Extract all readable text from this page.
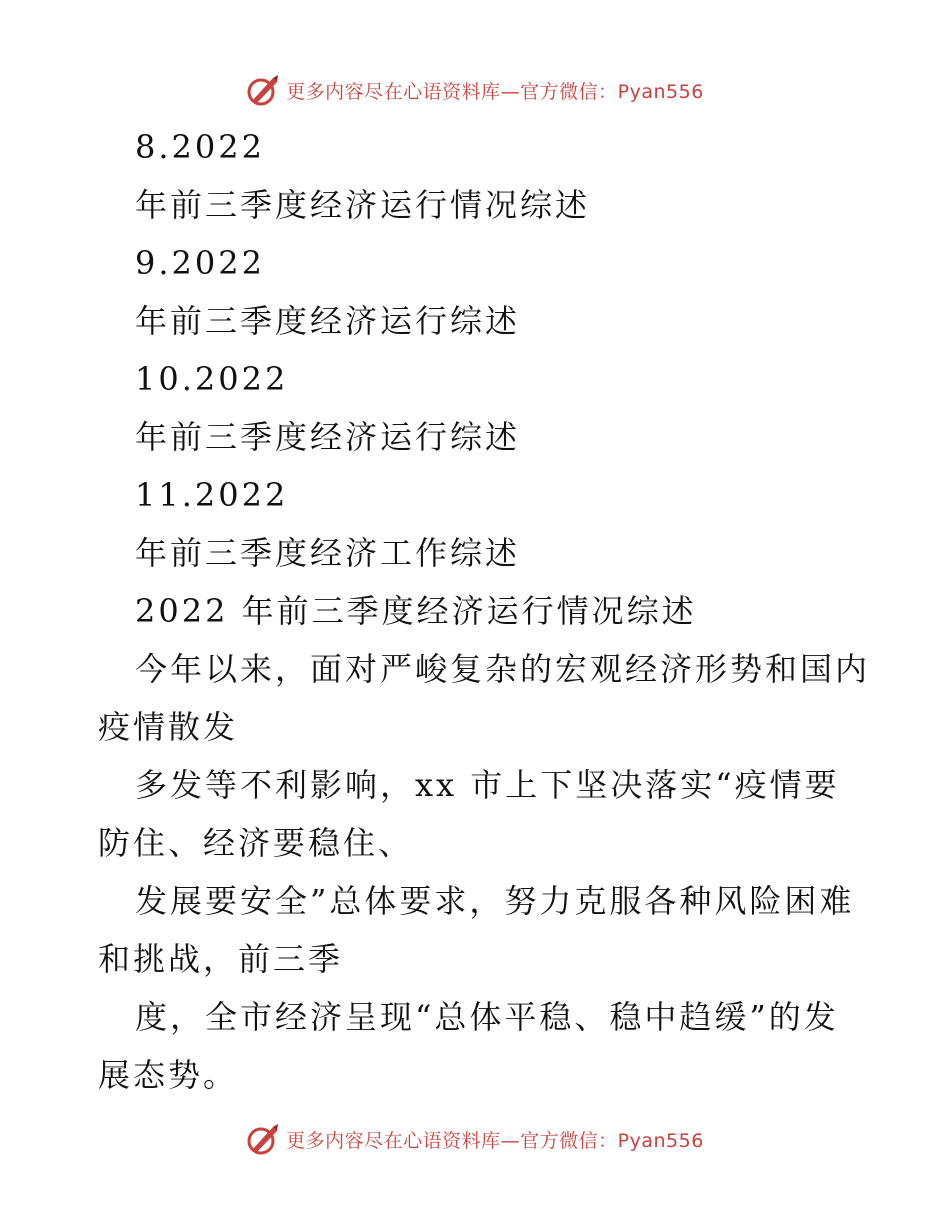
更多内容尽在心语资料库—官方微信：Pyan556
8.2022
年前三季度经济运行情况综述
9.2022
年前三季度经济运行综述
10.2022
年前三季度经济运行综述
11.2022
年前三季度经济工作综述
2022 年前三季度经济运行情况综述
今年以来，面对严峻复杂的宏观经济形势和国内
疫情散发
多发等不利影响，xx 市上下坚决落实“疫情要
防住、经济要稳住、
发展要安全”总体要求，努力克服各种风险困难
和挑战，前三季
度，全市经济呈现“总体平稳、稳中趋缓”的发
展态势。
更多内容尽在心语资料库—官方微信：Pyan556
